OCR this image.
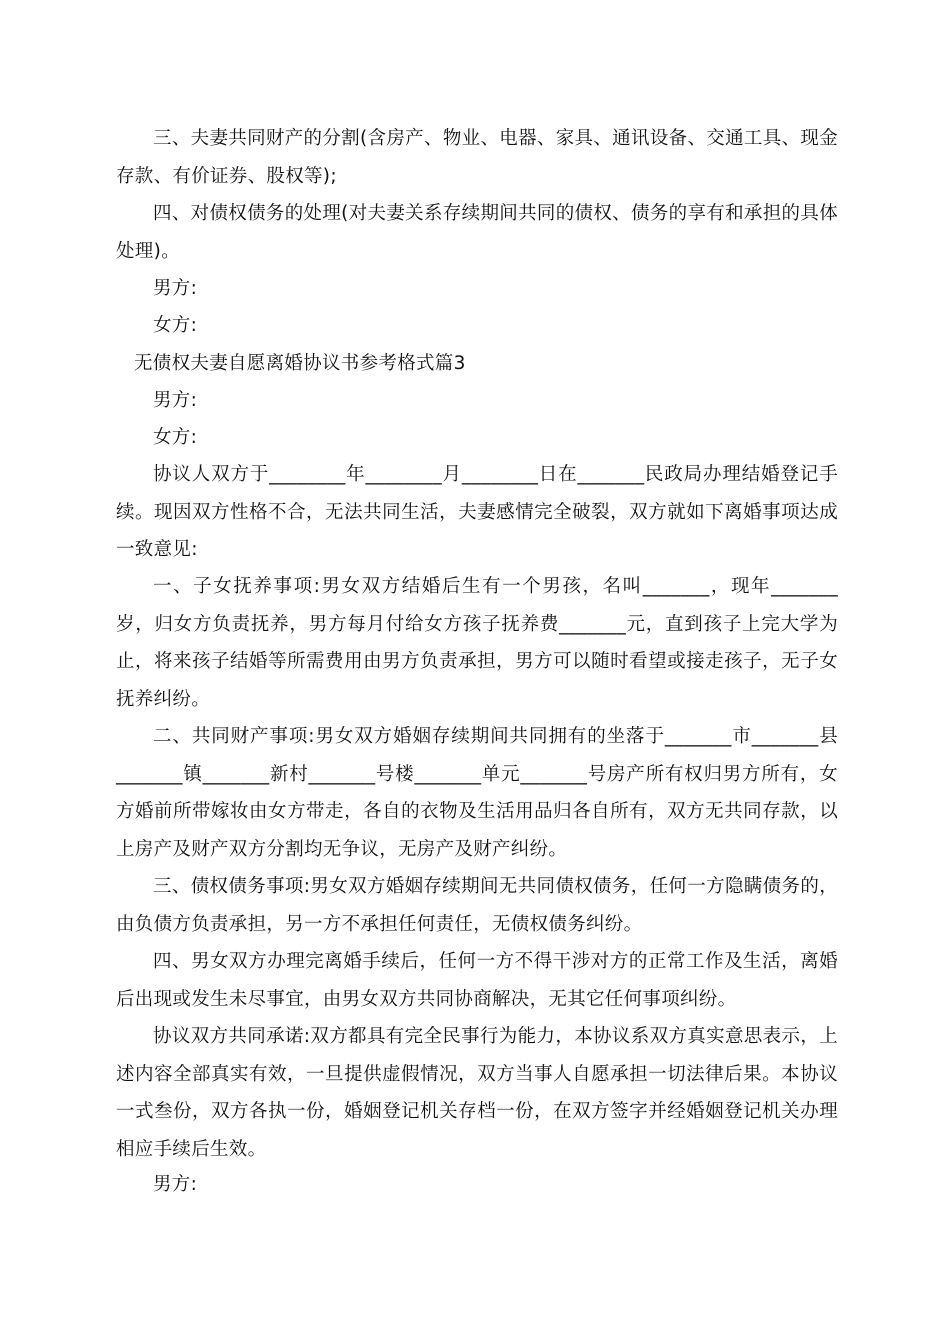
三、夫妻共同财产的分割(含房产、物业、电器、家具、通讯设备、交通工具、现金存款、有价证券、股权等);

四、对债权债务的处理(对夫妻关系存续期间共同的债权、债务的享有和承担的具体处理)。

男方:

女方:

无债权夫妻自愿离婚协议书参考格式篇3

男方:

女方:

协议人双方于________年________月________日在_______民政局办理结婚登记手续。现因双方性格不合，无法共同生活，夫妻感情完全破裂，双方就如下离婚事项达成一致意见:

一、子女抚养事项:男女双方结婚后生有一个男孩，名叫_______，现年_______岁，归女方负责抚养，男方每月付给女方孩子抚养费_______元，直到孩子上完大学为止，将来孩子结婚等所需费用由男方负责承担，男方可以随时看望或接走孩子，无子女抚养纠纷。

二、共同财产事项:男女双方婚姻存续期间共同拥有的坐落于_______市_______县_______镇_______新村_______号楼_______单元_______号房产所有权归男方所有，女方婚前所带嫁妆由女方带走，各自的衣物及生活用品归各自所有，双方无共同存款，以上房产及财产双方分割均无争议，无房产及财产纠纷。

三、债权债务事项:男女双方婚姻存续期间无共同债权债务，任何一方隐瞒债务的，由负债方负责承担，另一方不承担任何责任，无债权债务纠纷。

四、男女双方办理完离婚手续后，任何一方不得干涉对方的正常工作及生活，离婚后出现或发生未尽事宜，由男女双方共同协商解决，无其它任何事项纠纷。

协议双方共同承诺:双方都具有完全民事行为能力，本协议系双方真实意思表示，上述内容全部真实有效，一旦提供虚假情况，双方当事人自愿承担一切法律后果。本协议一式叁份，双方各执一份，婚姻登记机关存档一份，在双方签字并经婚姻登记机关办理相应手续后生效。

男方:
